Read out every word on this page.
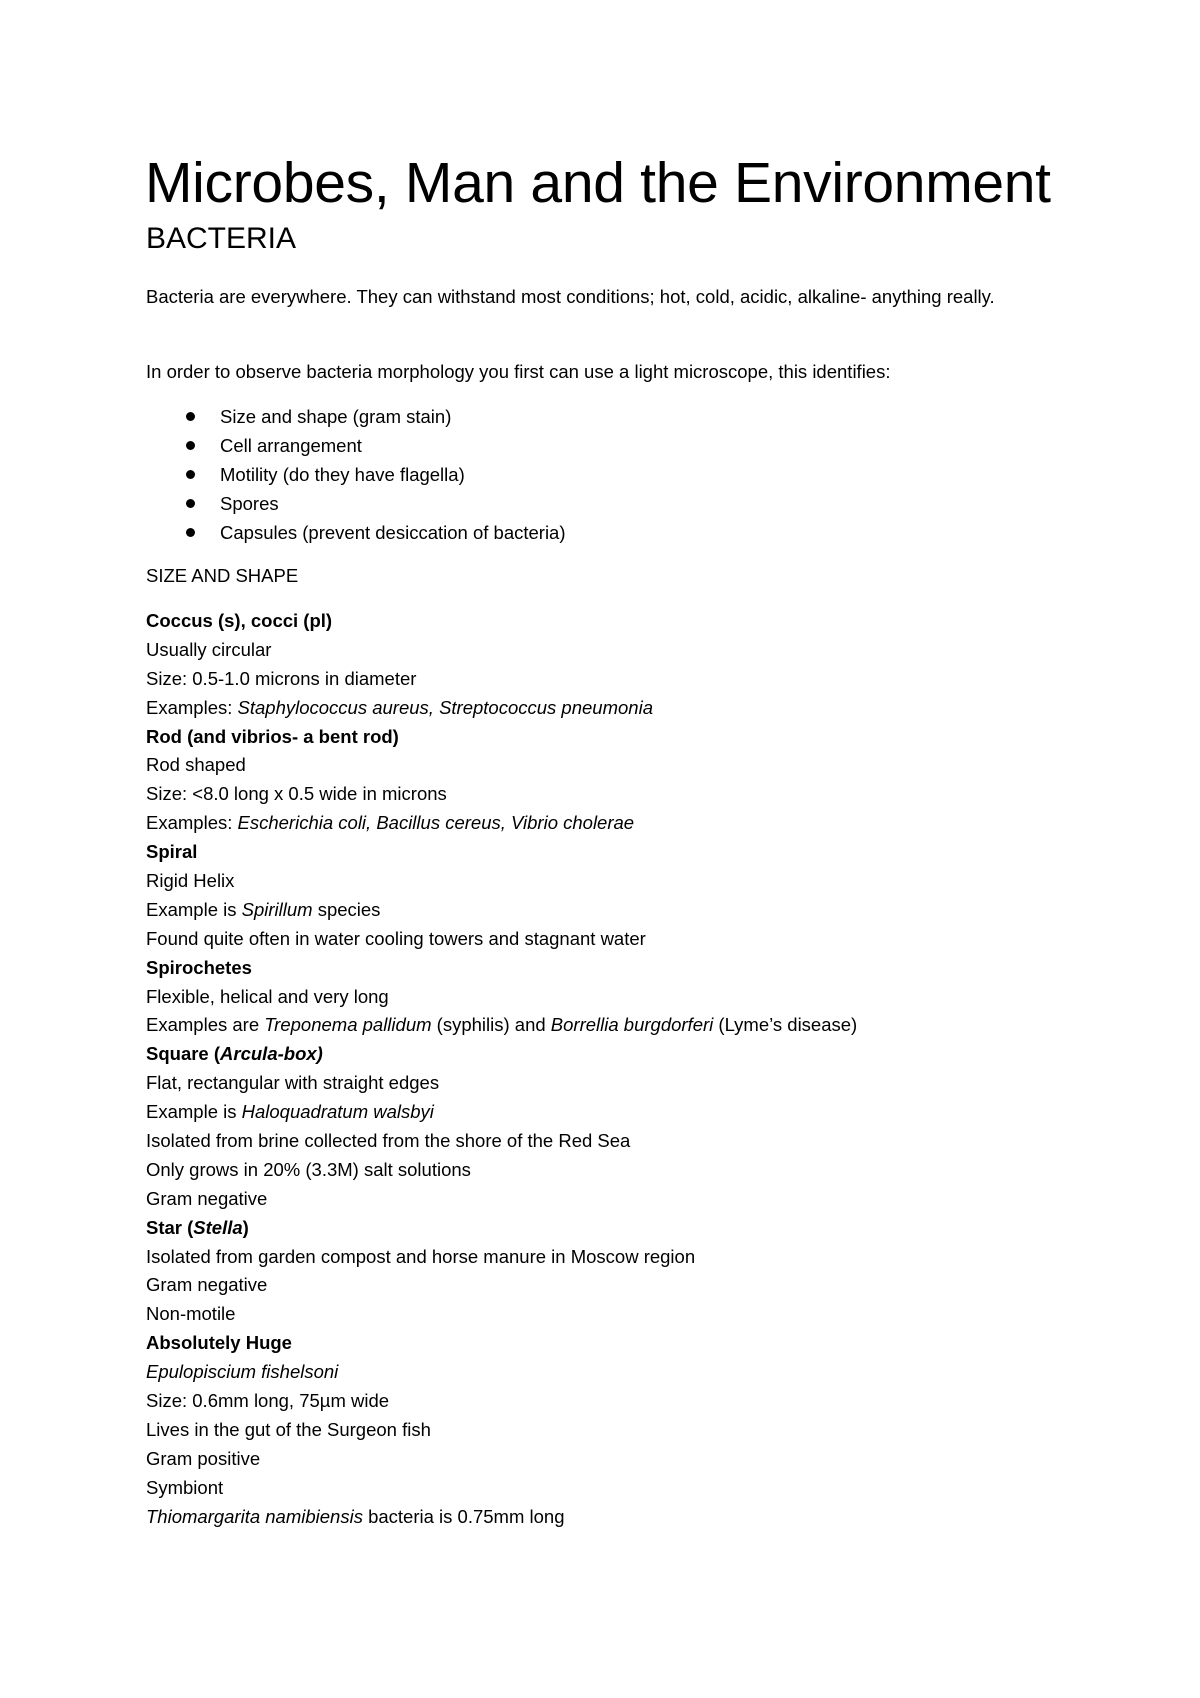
Microbes, Man and the Environment
BACTERIA

Bacteria are everywhere. They can withstand most conditions; hot, cold, acidic, alkaline- anything really.

In order to observe bacteria morphology you first can use a light microscope, this identifies:

Size and shape (gram stain)
Cell arrangement
Motility (do they have flagella)
Spores
Capsules (prevent desiccation of bacteria)

SIZE AND SHAPE

Coccus (s), cocci (pl)
Usually circular
Size: 0.5-1.0 microns in diameter
Examples: Staphylococcus aureus, Streptococcus pneumonia
Rod (and vibrios- a bent rod)
Rod shaped
Size: <8.0 long x 0.5 wide in microns
Examples: Escherichia coli, Bacillus cereus, Vibrio cholerae
Spiral
Rigid Helix
Example is Spirillum species
Found quite often in water cooling towers and stagnant water
Spirochetes
Flexible, helical and very long
Examples are Treponema pallidum (syphilis) and Borrellia burgdorferi (Lyme’s disease)
Square (Arcula-box)
Flat, rectangular with straight edges
Example is Haloquadratum walsbyi
Isolated from brine collected from the shore of the Red Sea
Only grows in 20% (3.3M) salt solutions
Gram negative
Star (Stella)
Isolated from garden compost and horse manure in Moscow region
Gram negative
Non-motile
Absolutely Huge
Epulopiscium fishelsoni
Size: 0.6mm long, 75µm wide
Lives in the gut of the Surgeon fish
Gram positive
Symbiont
Thiomargarita namibiensis bacteria is 0.75mm long
